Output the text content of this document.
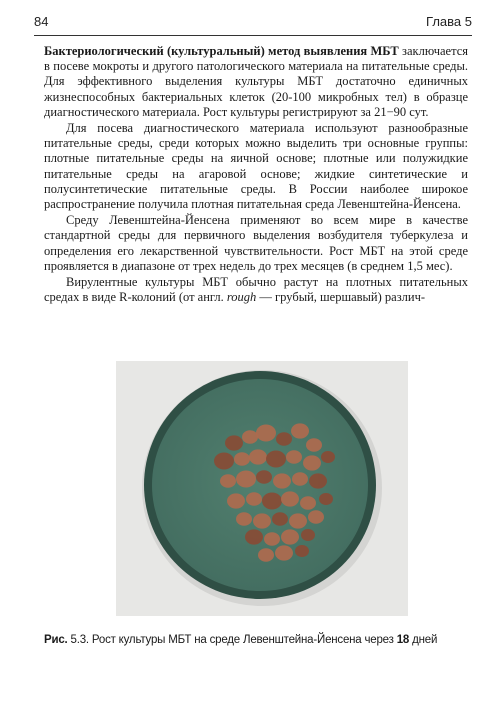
84	Глава 5

Бактериологический (культуральный) метод выявления МБТ заключается в посеве мокроты и другого патологического материала на питательные среды. Для эффективного выделения культуры МБТ достаточно единичных жизнеспособных бактериальных клеток (20-100 микробных тел) в образце диагностического материала. Рост культуры регистрируют за 21−90 сут.

Для посева диагностического материала используют разнообразные питательные среды, среди которых можно выделить три основные группы: плотные питательные среды на яичной основе; плотные или полужидкие питательные среды на агаровой основе; жидкие синтетические и полусинтетические питательные среды. В России наиболее широкое распространение получила плотная питательная среда Левенштейна-Йенсена.

Среду Левенштейна-Йенсена применяют во всем мире в качестве стандартной среды для первичного выделения возбудителя туберкулеза и определения его лекарственной чувствительности. Рост МБТ на этой среде проявляется в диапазоне от трех недель до трех месяцев (в среднем 1,5 мес).

Вирулентные культуры МБТ обычно растут на плотных питательных средах в виде R-колоний (от англ. rough — грубый, шершавый) различ-

Рис. 5.3. Рост культуры МБТ на среде Левенштейна-Йенсена через 18 дней
